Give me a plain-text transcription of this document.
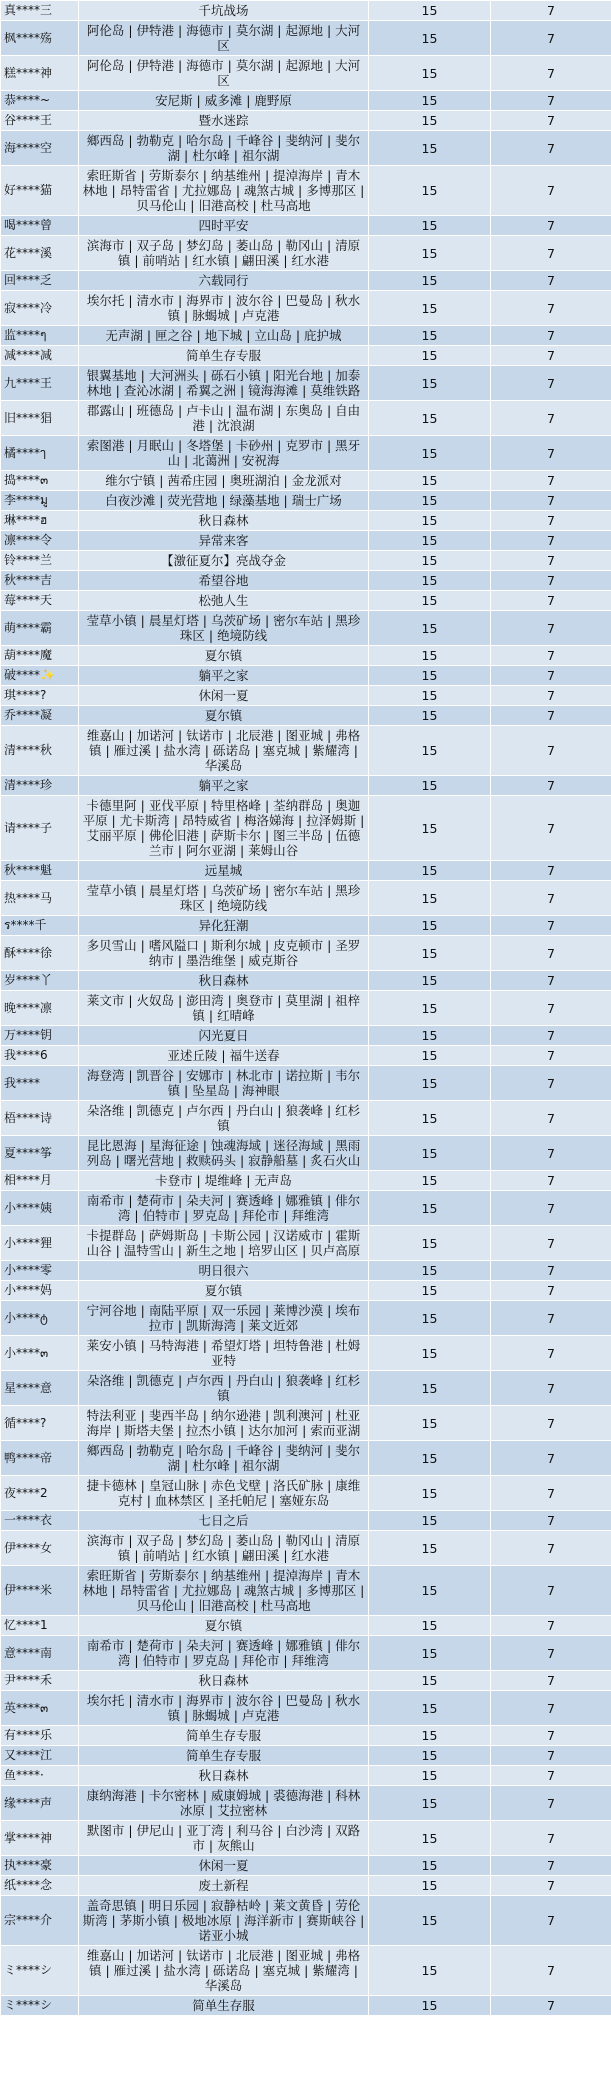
真****三	千坑战场	15	7
枫****殇	阿伦岛 | 伊特港 | 海德市 | 莫尔湖 | 起源地 | 大河区	15	7
糕****神	阿伦岛 | 伊特港 | 海德市 | 莫尔湖 | 起源地 | 大河区	15	7
恭****~	安尼斯 | 威多滩 | 鹿野原	15	7
谷****王	暨水迷踪	15	7
海****空	鄉西岛 | 勃勒克 | 哈尔岛 | 千峰谷 | 斐纳河 | 斐尔湖 | 杜尔峰 | 祖尔湖	15	7
好****猫	索旺斯省 | 劳斯泰尔 | 纳基维州 | 提淖海岸 | 青木林地 | 昂特雷省 | 尤拉娜岛 | 魂煞古城 | 多博那区 | 贝马伦山 | 旧港高校 | 杜马高地	15	7
喝****曾	四时平安	15	7
花****溪	滨海市 | 双子岛 | 梦幻岛 | 萎山岛 | 勒冈山 | 清原镇 | 前哨站 | 红水镇 | 翩田溪 | 红水港	15	7
回****乏	六载同行	15	7
寂****冷	埃尔托 | 清水市 | 海界市 | 波尔谷 | 巴曼岛 | 秋水镇 | 脉蝎城 | 卢克港	15	7
监****ๆ	无声湖 | 匣之谷 | 地下城 | 立山岛 | 庇护城	15	7
减****减	简单生存专服	15	7
九****王	银翼基地 | 大河洲头 | 砾石小镇 | 阳光台地 | 加泰林地 | 查沁冰湖 | 希翼之洲 | 镜海海滩 | 莫维铁路	15	7
旧****猖	郡露山 | 班德岛 | 卢卡山 | 温布湖 | 东奥岛 | 自由港 | 沈浪湖	15	7
橘****ๅ	索图港 | 月眠山 | 冬塔堡 | 卡砂州 | 克罗市 | 黑牙山 | 北蔼洲 | 安祝海	15	7
捣****๓	维尔宁镇 | 茜希庄园 | 奥班湖泊 | 金龙派对	15	7
李****มู	白夜沙滩 | 荧光营地 | 绿藻基地 | 瑞士广场	15	7
琳****ฮ	秋日森林	15	7
凛****令	异常来客	15	7
铃****兰	【激征夏尔】亮战夺金	15	7
秋****吉	希望谷地	15	7
莓****天	松弛人生	15	7
萌****霸	莹草小镇 | 晨星灯塔 | 乌茨矿场 | 密尔车站 | 黑珍珠区 | 绝境防线	15	7
葫****魔	夏尔镇	15	7
破****✨	躺平之家	15	7
琪****?	休闲一夏	15	7
乔****凝	夏尔镇	15	7
清****秋	维嘉山 | 加诺河 | 钛诺市 | 北辰港 | 图亚城 | 弗格镇 | 雁过溪 | 盐水湾 | 砾诺岛 | 塞克城 | 紫耀湾 | 华溪岛	15	7
清****珍	躺平之家	15	7
请****子	卡德里阿 | 亚伐平原 | 特里格峰 | 荃纳群岛 | 奥迦平原 | 尤卡斯湾 | 昂特威省 | 梅洛娣海 | 拉泽姆斯 | 艾丽平原 | 佛伦旧港 | 萨斯卡尔 | 图三半岛 | 伍德兰市 | 阿尔亚湖 | 莱姆山谷	15	7
秋****魁	远星城	15	7
热****马	莹草小镇 | 晨星灯塔 | 乌茨矿场 | 密尔车站 | 黑珍珠区 | 绝境防线	15	7
ร****千	异化狂潮	15	7
酥****徐	多贝雪山 | 嗜风隘口 | 斯利尔城 | 皮克顿市 | 圣罗纳市 | 墨浩维堡 | 威克斯谷	15	7
岁****丫	秋日森林	15	7
晚****凛	莱文市 | 火奴岛 | 澎田湾 | 奥登市 | 莫里湖 | 祖梓镇 | 红晴峰	15	7
万****钥	闪光夏日	15	7
我****6	亚述丘陵 | 福牛送春	15	7
我****	海登湾 | 凯晋谷 | 安娜市 | 林北市 | 诺拉斯 | 韦尔镇 | 坠星岛 | 海神眼	15	7
梧****诗	朵洛维 | 凯德克 | 卢尔西 | 丹白山 | 狼袭峰 | 红杉镇	15	7
夏****筝	昆比恩海 | 星海征途 | 蚀魂海域 | 迷径海域 | 黑雨列岛 | 曙光营地 | 救赎码头 | 寂静船墓 | 炙石火山	15	7
相****月	卡登市 | 堤维峰 | 无声岛	15	7
小****姨	南希市 | 楚荷市 | 朵夫河 | 赛透峰 | 娜雅镇 | 俳尔湾 | 伯特市 | 罗克岛 | 拜伦市 | 拜维湾	15	7
小****狸	卡提群岛 | 萨姆斯岛 | 卡斯公园 | 汉诺威市 | 霍斯山谷 | 温特雪山 | 新生之地 | 培罗山区 | 贝卢高原	15	7
小****零	明日很六	15	7
小****妈	夏尔镇	15	7
小****ტ	宁河谷地 | 南陆平原 | 双一乐园 | 莱博沙漠 | 埃布拉市 | 凯斯海湾 | 莱文近郊	15	7
小****๓	莱安小镇 | 马特海港 | 希望灯塔 | 坦特鲁港 | 杜姆亚特	15	7
星****意	朵洛维 | 凯德克 | 卢尔西 | 丹白山 | 狼袭峰 | 红杉镇	15	7
循****?	特法利亚 | 斐西半岛 | 纳尔逊港 | 凯利澳河 | 杜亚海岸 | 斯塔夫堡 | 拉杰小镇 | 达尔加河 | 索而亚湖	15	7
鸭****帝	鄉西岛 | 勃勒克 | 哈尔岛 | 千峰谷 | 斐纳河 | 斐尔湖 | 杜尔峰 | 祖尔湖	15	7
夜****2	捷卡德林 | 皇冠山脉 | 赤色戈壁 | 洛氏矿脉 | 康维克村 | 血林禁区 | 圣托帕尼 | 塞娅东岛	15	7
一****衣	七日之后	15	7
伊****女	滨海市 | 双子岛 | 梦幻岛 | 萎山岛 | 勒冈山 | 清原镇 | 前哨站 | 红水镇 | 翩田溪 | 红水港	15	7
伊****米	索旺斯省 | 劳斯泰尔 | 纳基维州 | 提淖海岸 | 青木林地 | 昂特雷省 | 尤拉娜岛 | 魂煞古城 | 多博那区 | 贝马伦山 | 旧港高校 | 杜马高地	15	7
忆****1	夏尔镇	15	7
意****南	南希市 | 楚荷市 | 朵夫河 | 赛透峰 | 娜雅镇 | 俳尔湾 | 伯特市 | 罗克岛 | 拜伦市 | 拜维湾	15	7
尹****禾	秋日森林	15	7
英****๓	埃尔托 | 清水市 | 海界市 | 波尔谷 | 巴曼岛 | 秋水镇 | 脉蝎城 | 卢克港	15	7
有****乐	简单生存专服	15	7
又****江	简单生存专服	15	7
鱼****·	秋日森林	15	7
缘****声	康纳海港 | 卡尔密林 | 威康姆城 | 裘德海港 | 科林冰原 | 艾拉密林	15	7
掌****神	默图市 | 伊尼山 | 亚丁湾 | 利马谷 | 白沙湾 | 双路市 | 灰熊山	15	7
执****豪	休闲一夏	15	7
纸****念	废土新程	15	7
宗****介	盖奇思镇 | 明日乐园 | 寂静枯岭 | 莱文黄昏 | 劳伦斯湾 | 茅斯小镇 | 极地冰原 | 海洋新市 | 赛斯峡谷 | 诺亚小城	15	7
ミ****シ	维嘉山 | 加诺河 | 钛诺市 | 北辰港 | 图亚城 | 弗格镇 | 雁过溪 | 盐水湾 | 砾诺岛 | 塞克城 | 紫耀湾 | 华溪岛	15	7
ミ****シ	简单生存服	15	7
